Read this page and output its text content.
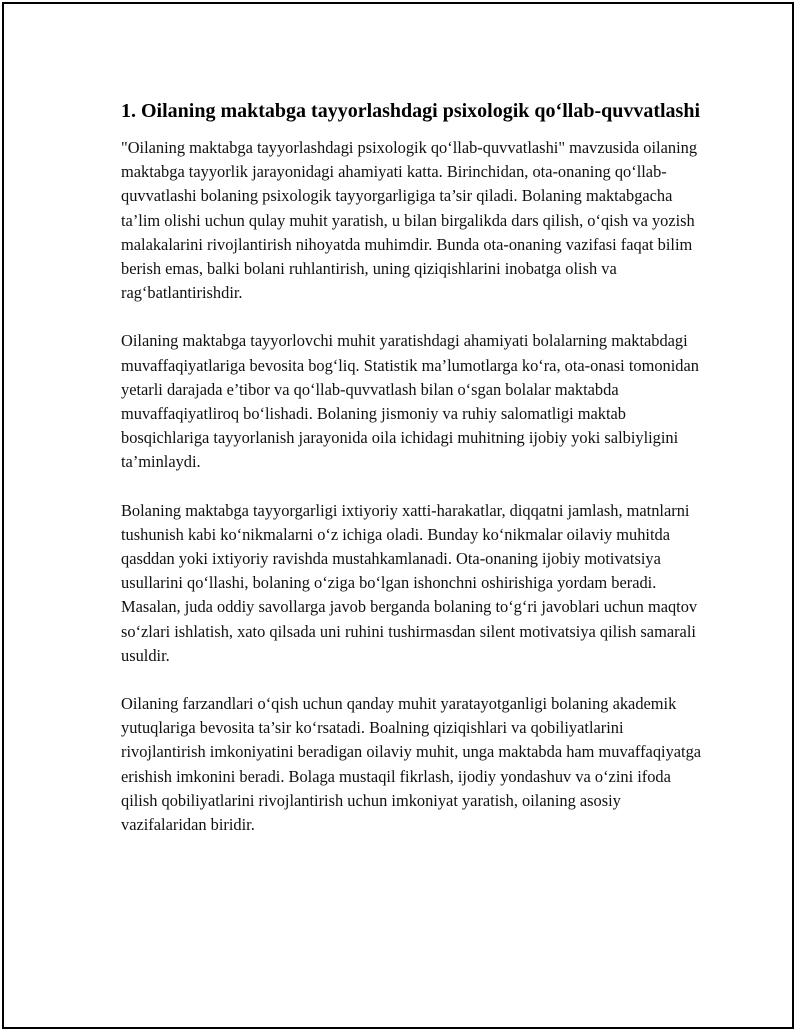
1. Oilaning maktabga tayyorlashdagi psixologik qo‘llab-quvvatlashi

"Oilaning maktabga tayyorlashdagi psixologik qo‘llab-quvvatlashi" mavzusida oilaning maktabga tayyorlik jarayonidagi ahamiyati katta. Birinchidan, ota-onaning qo‘llab-quvvatlashi bolaning psixologik tayyorgarligiga ta’sir qiladi. Bolaning maktabgacha ta’lim olishi uchun qulay muhit yaratish, u bilan birgalikda dars qilish, o‘qish va yozish malakalarini rivojlantirish nihoyatda muhimdir. Bunda ota-onaning vazifasi faqat bilim berish emas, balki bolani ruhlantirish, uning qiziqishlarini inobatga olish va rag‘batlantirishdir.

Oilaning maktabga tayyorlovchi muhit yaratishdagi ahamiyati bolalarning maktabdagi muvaffaqiyatlariga bevosita bog‘liq. Statistik ma’lumotlarga ko‘ra, ota-onasi tomonidan yetarli darajada e’tibor va qo‘llab-quvvatlash bilan o‘sgan bolalar maktabda muvaffaqiyatliroq bo‘lishadi. Bolaning jismoniy va ruhiy salomatligi maktab bosqichlariga tayyorlanish jarayonida oila ichidagi muhitning ijobiy yoki salbiyligini ta’minlaydi.

Bolaning maktabga tayyorgarligi ixtiyoriy xatti-harakatlar, diqqatni jamlash, matnlarni tushunish kabi ko‘nikmalarni o‘z ichiga oladi. Bunday ko‘nikmalar oilaviy muhitda qasddan yoki ixtiyoriy ravishda mustahkamlanadi. Ota-onaning ijobiy motivatsiya usullarini qo‘llashi, bolaning o‘ziga bo‘lgan ishonchni oshirishiga yordam beradi. Masalan, juda oddiy savollarga javob berganda bolaning to‘g‘ri javoblari uchun maqtov so‘zlari ishlatish, xato qilsada uni ruhini tushirmasdan silent motivatsiya qilish samarali usuldir.

Oilaning farzandlari o‘qish uchun qanday muhit yaratayotganligi bolaning akademik yutuqlariga bevosita ta’sir ko‘rsatadi. Boalning qiziqishlari va qobiliyatlarini rivojlantirish imkoniyatini beradigan oilaviy muhit, unga maktabda ham muvaffaqiyatga erishish imkonini beradi. Bolaga mustaqil fikrlash, ijodiy yondashuv va o‘zini ifoda qilish qobiliyatlarini rivojlantirish uchun imkoniyat yaratish, oilaning asosiy vazifalaridan biridir.
